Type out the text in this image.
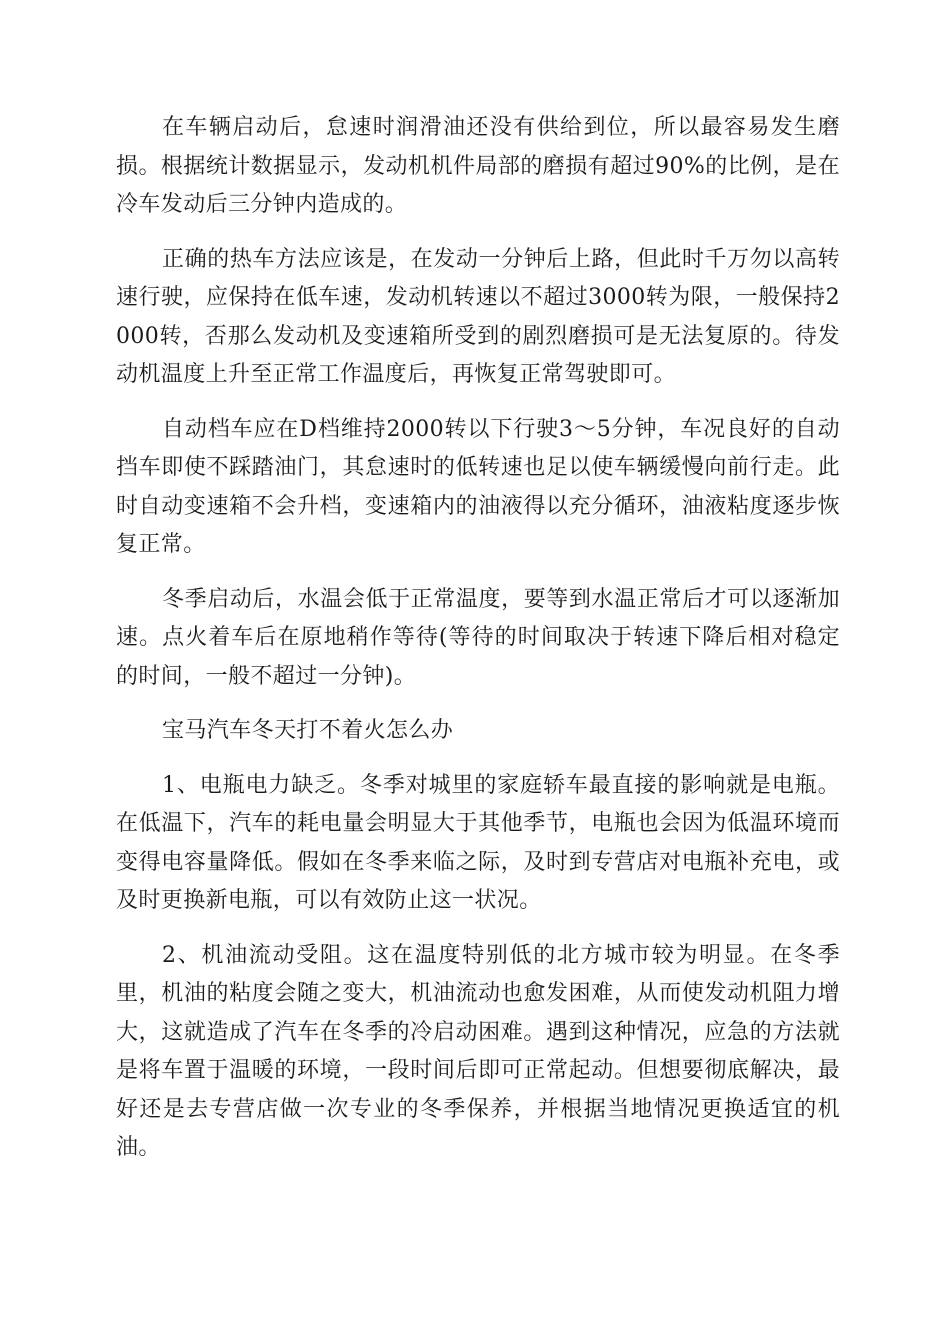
在车辆启动后，怠速时润滑油还没有供给到位，所以最容易发生磨损。根据统计数据显示，发动机机件局部的磨损有超过90%的比例，是在冷车发动后三分钟内造成的。

正确的热车方法应该是，在发动一分钟后上路，但此时千万勿以高转速行驶，应保持在低车速，发动机转速以不超过3000转为限，一般保持2000转，否那么发动机及变速箱所受到的剧烈磨损可是无法复原的。待发动机温度上升至正常工作温度后，再恢复正常驾驶即可。

自动档车应在D档维持2000转以下行驶3～5分钟，车况良好的自动挡车即使不踩踏油门，其怠速时的低转速也足以使车辆缓慢向前行走。此时自动变速箱不会升档，变速箱内的油液得以充分循环，油液粘度逐步恢复正常。

冬季启动后，水温会低于正常温度，要等到水温正常后才可以逐渐加速。点火着车后在原地稍作等待(等待的时间取决于转速下降后相对稳定的时间，一般不超过一分钟)。

宝马汽车冬天打不着火怎么办

1、电瓶电力缺乏。冬季对城里的家庭轿车最直接的影响就是电瓶。在低温下，汽车的耗电量会明显大于其他季节，电瓶也会因为低温环境而变得电容量降低。假如在冬季来临之际，及时到专营店对电瓶补充电，或及时更换新电瓶，可以有效防止这一状况。

2、机油流动受阻。这在温度特别低的北方城市较为明显。在冬季里，机油的粘度会随之变大，机油流动也愈发困难，从而使发动机阻力增大，这就造成了汽车在冬季的冷启动困难。遇到这种情况，应急的方法就是将车置于温暖的环境，一段时间后即可正常起动。但想要彻底解决，最好还是去专营店做一次专业的冬季保养，并根据当地情况更换适宜的机油。
